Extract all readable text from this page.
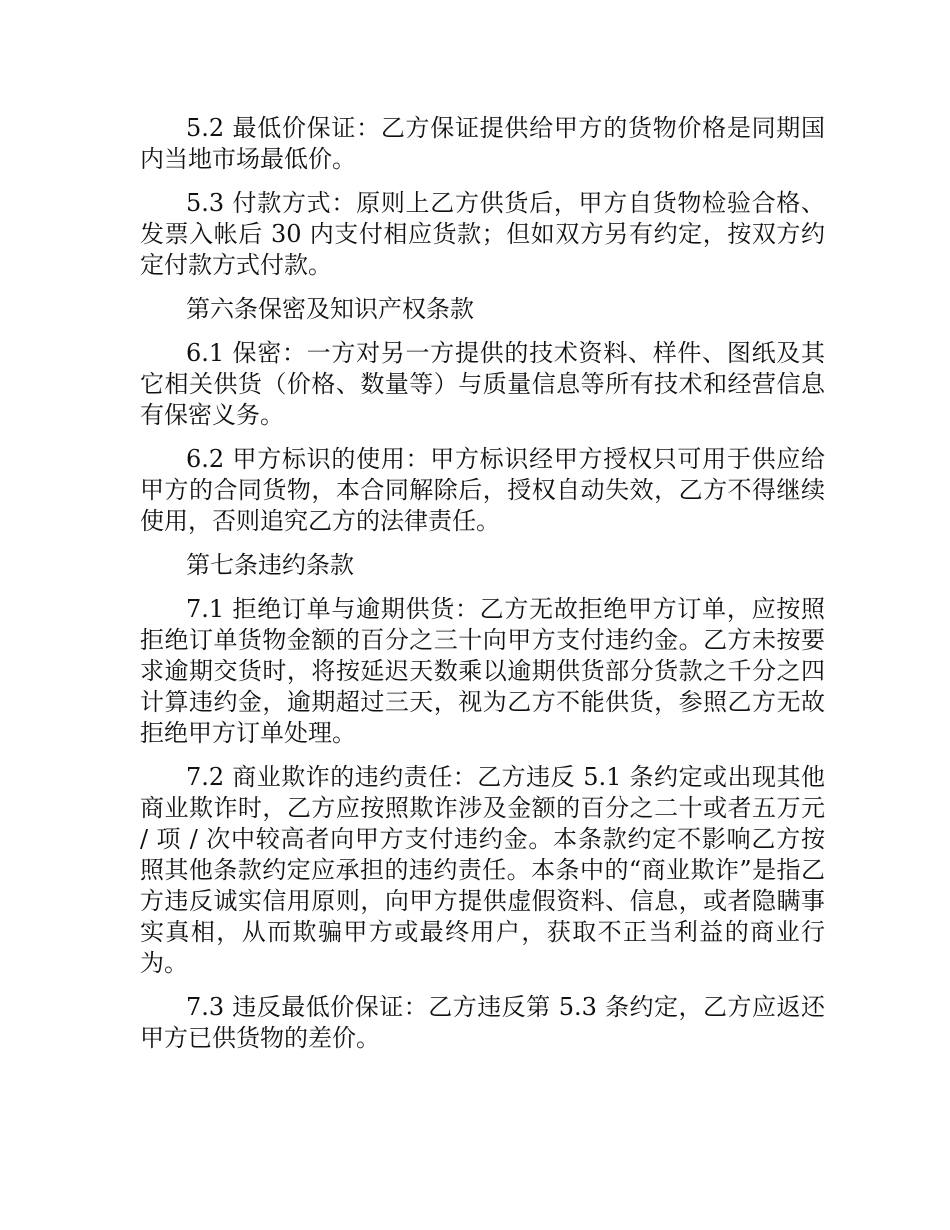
5.2 最低价保证：乙方保证提供给甲方的货物价格是同期国内当地市场最低价。

5.3 付款方式：原则上乙方供货后，甲方自货物检验合格、发票入帐后 30 内支付相应货款；但如双方另有约定，按双方约定付款方式付款。

第六条保密及知识产权条款

6.1 保密：一方对另一方提供的技术资料、样件、图纸及其它相关供货（价格、数量等）与质量信息等所有技术和经营信息有保密义务。

6.2 甲方标识的使用：甲方标识经甲方授权只可用于供应给甲方的合同货物，本合同解除后，授权自动失效，乙方不得继续使用，否则追究乙方的法律责任。

第七条违约条款

7.1 拒绝订单与逾期供货：乙方无故拒绝甲方订单，应按照拒绝订单货物金额的百分之三十向甲方支付违约金。乙方未按要求逾期交货时，将按延迟天数乘以逾期供货部分货款之千分之四计算违约金，逾期超过三天，视为乙方不能供货，参照乙方无故拒绝甲方订单处理。

7.2 商业欺诈的违约责任：乙方违反 5.1 条约定或出现其他商业欺诈时，乙方应按照欺诈涉及金额的百分之二十或者五万元 / 项 / 次中较高者向甲方支付违约金。本条款约定不影响乙方按照其他条款约定应承担的违约责任。本条中的“商业欺诈”是指乙方违反诚实信用原则，向甲方提供虚假资料、信息，或者隐瞒事实真相，从而欺骗甲方或最终用户，获取不正当利益的商业行为。

7.3 违反最低价保证：乙方违反第 5.3 条约定，乙方应返还甲方已供货物的差价。
